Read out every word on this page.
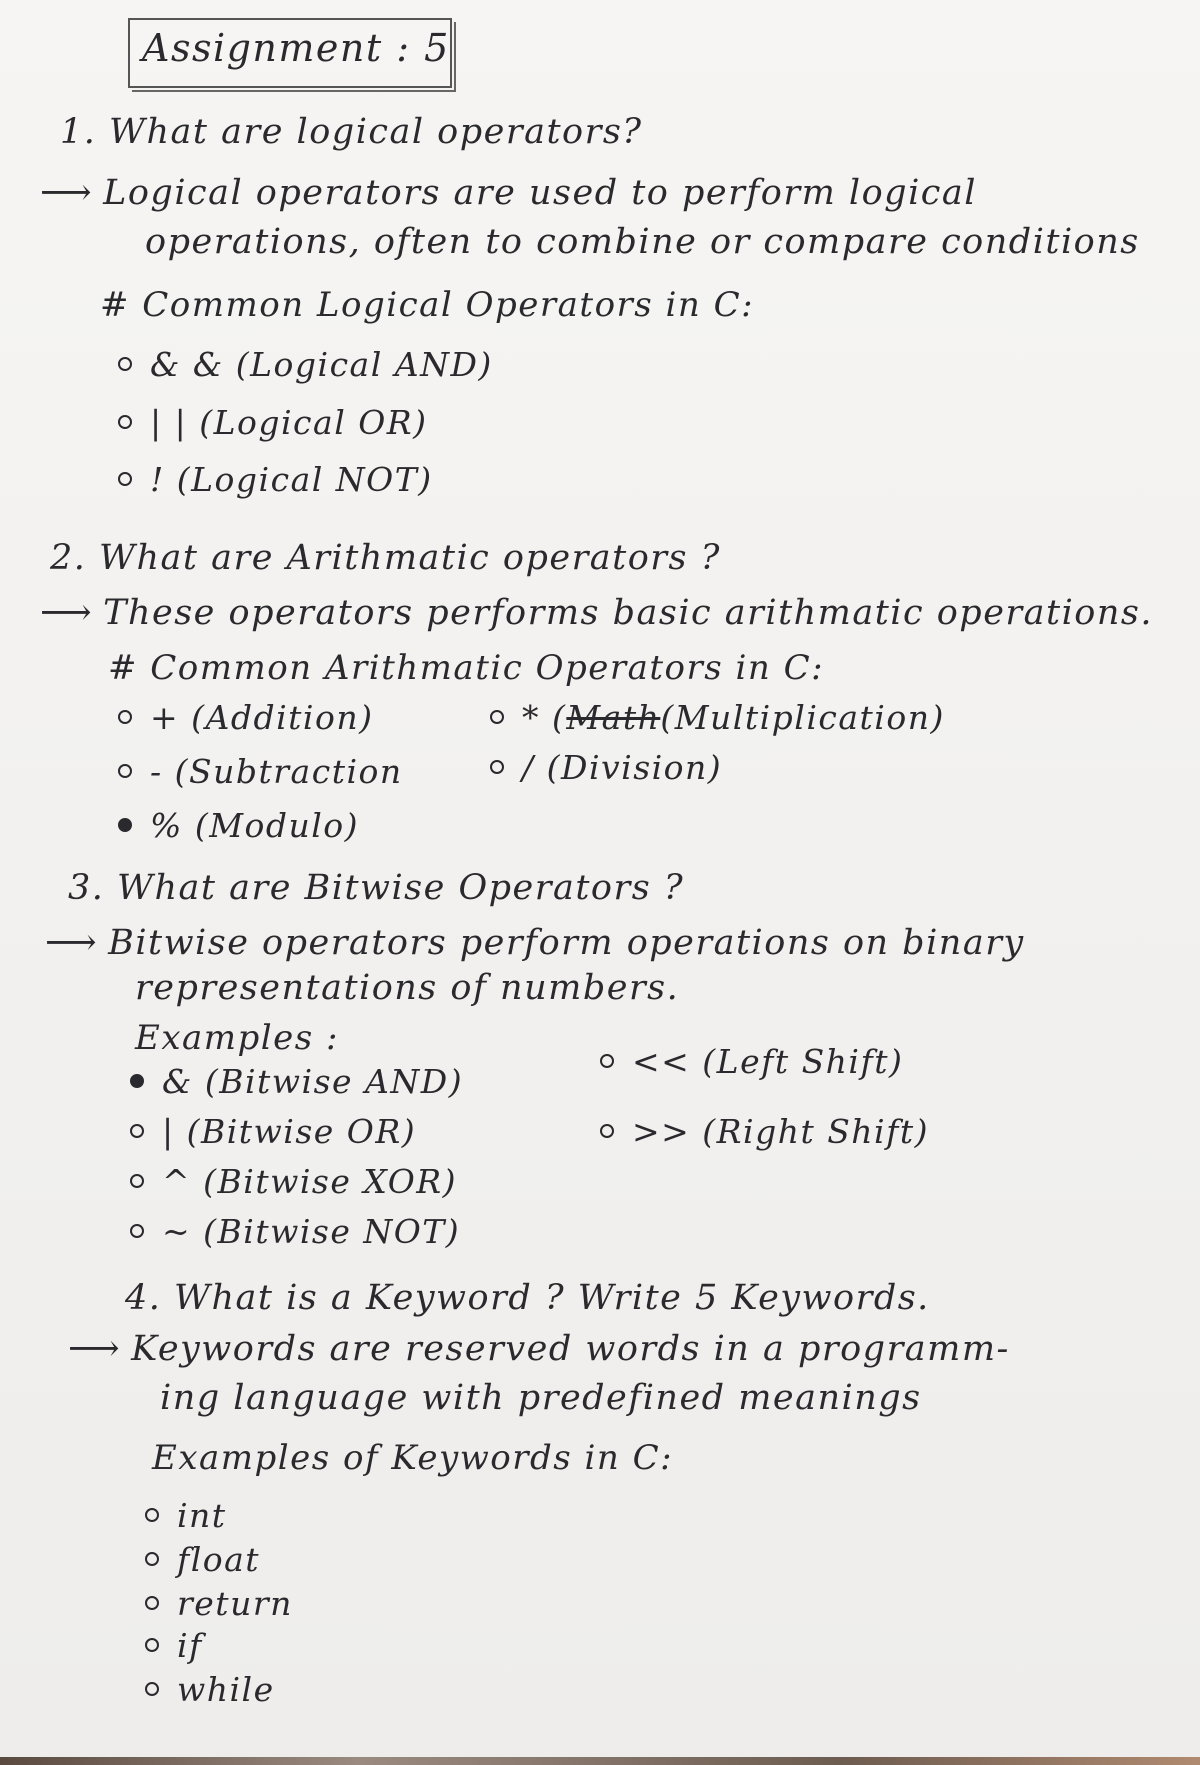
Assignment : 5
1. What are logical operators?
⟶ Logical operators are used to perform logical
operations, often to combine or compare conditions
# Common Logical Operators in C:
& & (Logical AND)
| | (Logical OR)
! (Logical NOT)
2. What are Arithmatic operators ?
⟶ These operators performs basic arithmatic operations.
# Common Arithmatic Operators in C:
+ (Addition)
- (Subtraction
% (Modulo)
* (Math(Multiplication)
/ (Division)
3. What are Bitwise Operators ?
⟶ Bitwise operators perform operations on binary
representations of numbers.
Examples :
& (Bitwise AND)
| (Bitwise OR)
^ (Bitwise XOR)
~ (Bitwise NOT)
<< (Left Shift)
>> (Right Shift)
4. What is a Keyword ? Write 5 Keywords.
⟶ Keywords are reserved words in a programm-
ing language with predefined meanings
Examples of Keywords in C:
int
float
return
if
while
